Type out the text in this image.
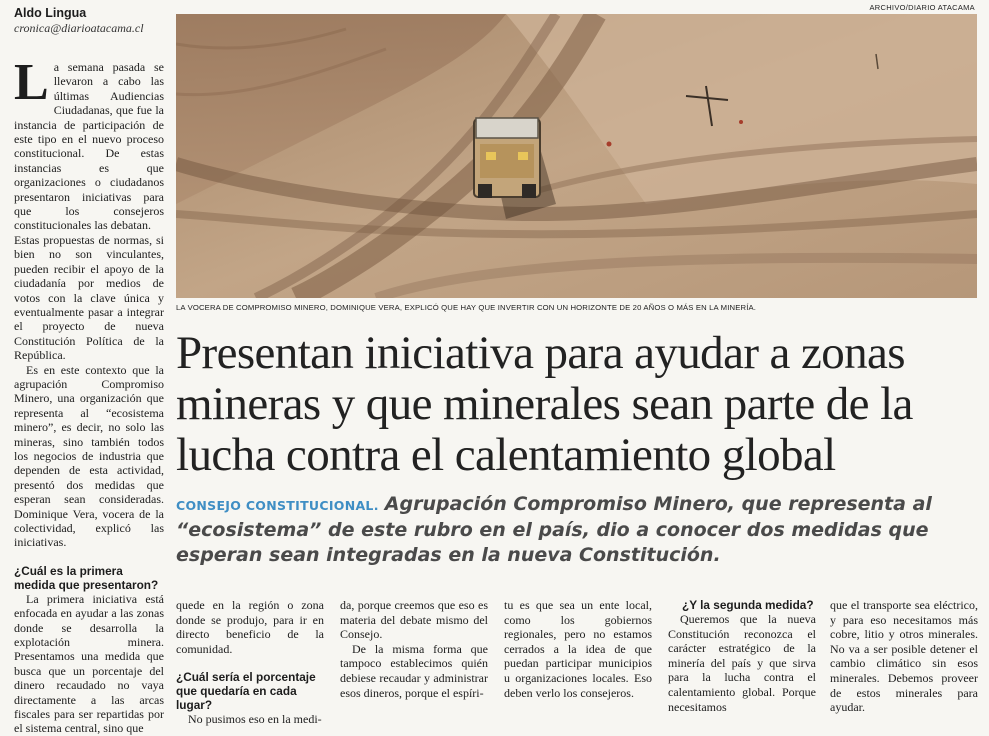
Aldo Lingua
cronica@diarioatacama.cl

La semana pasada se llevaron a cabo las últimas Audiencias Ciudadanas, que fue la instancia de participación de este tipo en el nuevo proceso constitucional. De estas instancias es que organizaciones o ciudadanos presentaron iniciativas para que los consejeros constitucionales las debatan.

Estas propuestas de normas, si bien no son vinculantes, pueden recibir el apoyo de la ciudadanía por medios de votos con la clave única y eventualmente pasar a integrar el proyecto de nueva Constitución Política de la República.

Es en este contexto que la agrupación Compromiso Minero, una organización que representa al “ecosistema minero”, es decir, no solo las mineras, sino también todos los negocios de industria que dependen de esta actividad, presentó dos medidas que esperan sean consideradas. Dominique Vera, vocera de la colectividad, explicó las iniciativas.

¿Cuál es la primera medida que presentaron?

La primera iniciativa está enfocada en ayudar a las zonas donde se desarrolla la explotación minera. Presentamos una medida que busca que un porcentaje del dinero recaudado no vaya directamente a las arcas fiscales para ser repartidas por el sistema central, sino que

ARCHIVO/DIARIO ATACAMA
LA VOCERA DE COMPROMISO MINERO, DOMINIQUE VERA, EXPLICÓ QUE HAY QUE INVERTIR CON UN HORIZONTE DE 20 AÑOS O MÁS EN LA MINERÍA.
Presentan iniciativa para ayudar a zonas mineras y que minerales sean parte de la lucha contra el calentamiento global
CONSEJO CONSTITUCIONAL. Agrupación Compromiso Minero, que representa al “ecosistema” de este rubro en el país, dio a conocer dos medidas que esperan sean integradas en la nueva Constitución.

quede en la región o zona donde se produjo, para ir en directo beneficio de la comunidad.

¿Cuál sería el porcentaje que quedaría en cada lugar?

No pusimos eso en la medi-

da, porque creemos que eso es materia del debate mismo del Consejo.

De la misma forma que tampoco establecimos quién debiese recaudar y administrar esos dineros, porque el espíri-

tu es que sea un ente local, como los gobiernos regionales, pero no estamos cerrados a la idea de que puedan participar municipios u organizaciones locales. Eso deben verlo los consejeros.

¿Y la segunda medida?

Queremos que la nueva Constitución reconozca el carácter estratégico de la minería del país y que sirva para la lucha contra el calentamiento global. Porque necesitamos

que el transporte sea eléctrico, y para eso necesitamos más cobre, litio y otros minerales. No va a ser posible detener el cambio climático sin esos minerales. Debemos proveer de estos minerales para ayudar.
